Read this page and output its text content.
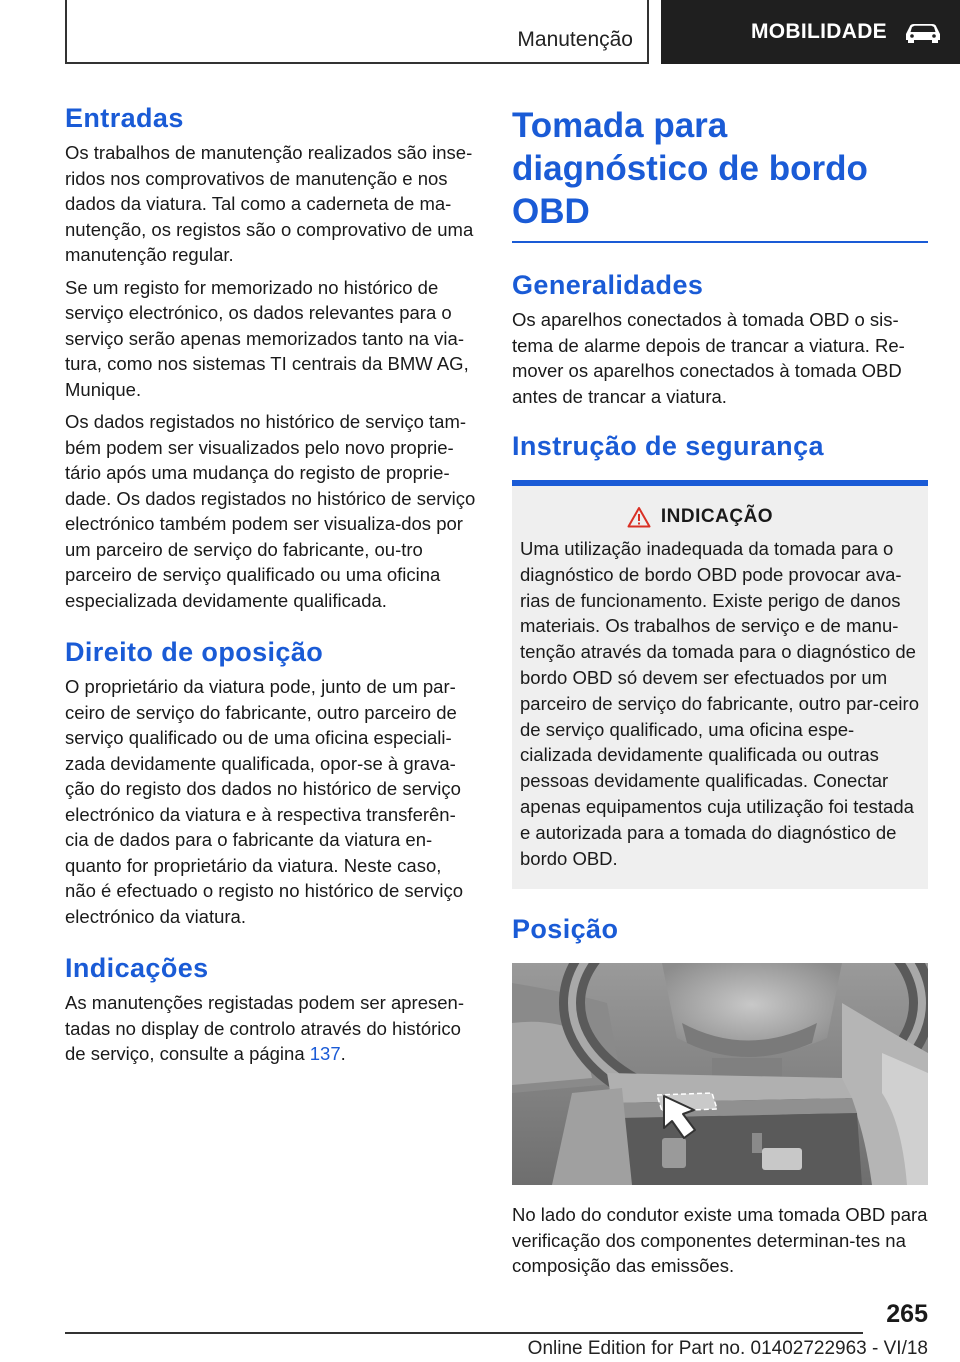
Manutenção	MOBILIDADE
Entradas

Os trabalhos de manutenção realizados são inse-ridos nos comprovativos de manutenção e nos dados da viatura. Tal como a caderneta de ma-nutenção, os registos são o comprovativo de uma manutenção regular.

Se um registo for memorizado no histórico de serviço electrónico, os dados relevantes para o serviço serão apenas memorizados tanto na via-tura, como nos sistemas TI centrais da BMW AG, Munique.

Os dados registados no histórico de serviço tam-bém podem ser visualizados pelo novo proprie-tário após uma mudança do registo de proprie-dade. Os dados registados no histórico de serviço electrónico também podem ser visualiza-dos por um parceiro de serviço do fabricante, ou-tro parceiro de serviço qualificado ou uma oficina especializada devidamente qualificada.

Direito de oposição

O proprietário da viatura pode, junto de um par-ceiro de serviço do fabricante, outro parceiro de serviço qualificado ou de uma oficina especiali-zada devidamente qualificada, opor-se à grava-ção do registo dos dados no histórico de serviço electrónico da viatura e à respectiva transferên-cia de dados para o fabricante da viatura en-quanto for proprietário da viatura. Neste caso, não é efectuado o registo no histórico de serviço electrónico da viatura.

Indicações

As manutenções registadas podem ser apresen-tadas no display de controlo através do histórico de serviço, consulte a página 137.

Tomada para diagnóstico de bordo OBD
Generalidades

Os aparelhos conectados à tomada OBD o sis-tema de alarme depois de trancar a viatura. Re-mover os aparelhos conectados à tomada OBD antes de trancar a viatura.

Instrução de segurança
INDICAÇÃO

Uma utilização inadequada da tomada para o diagnóstico de bordo OBD pode provocar ava-rias de funcionamento. Existe perigo de danos materiais. Os trabalhos de serviço e de manu-tenção através da tomada para o diagnóstico de bordo OBD só devem ser efectuados por um parceiro de serviço do fabricante, outro par-ceiro de serviço qualificado, uma oficina espe-cializada devidamente qualificada ou outras pessoas devidamente qualificadas. Conectar apenas equipamentos cuja utilização foi testada e autorizada para a tomada do diagnóstico de bordo OBD.

Posição

No lado do condutor existe uma tomada OBD para verificação dos componentes determinan-tes na composição das emissões.

265
Online Edition for Part no. 01402722963 - VI/18
